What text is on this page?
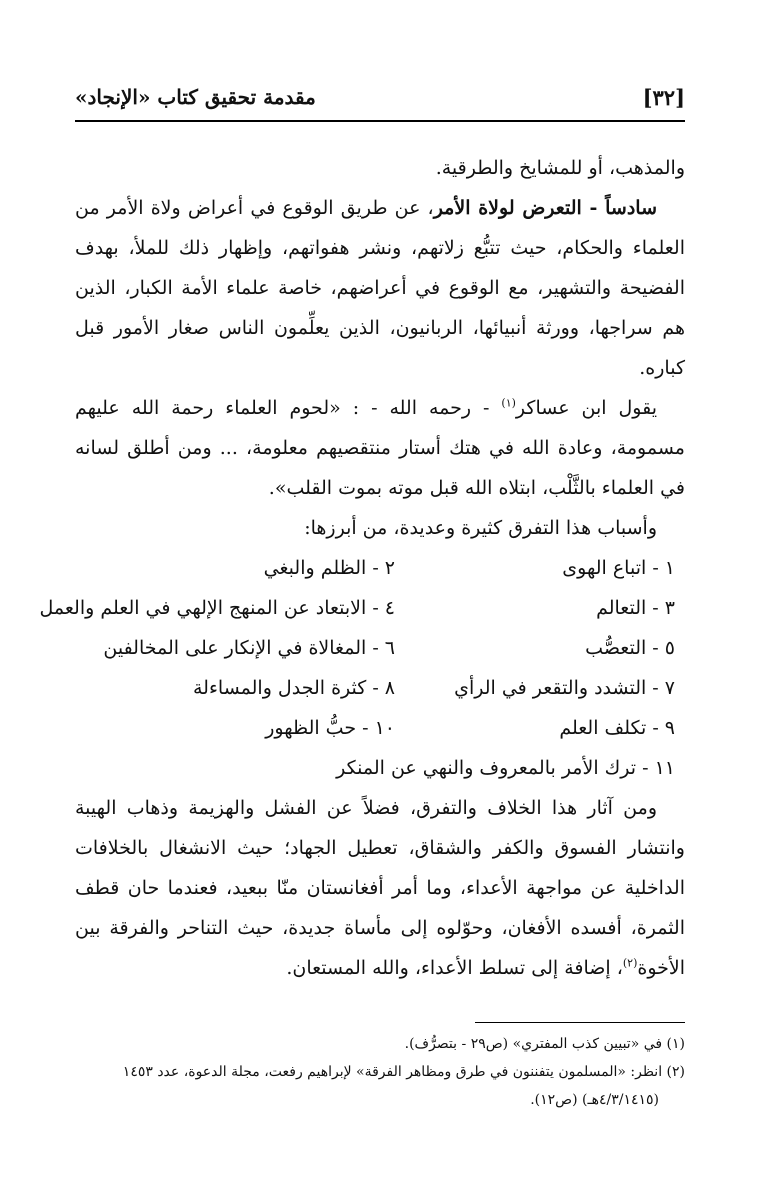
[٣٢]
مقدمة تحقيق كتاب «الإنجاد»

والمذهب، أو للمشايخ والطرقية.

سادساً - التعرض لولاة الأمر، عن طريق الوقوع في أعراض ولاة الأمر من العلماء والحكام، حيث تتبُّع زلاتهم، ونشر هفواتهم، وإظهار ذلك للملأ، بهدف الفضيحة والتشهير، مع الوقوع في أعراضهم، خاصة علماء الأمة الكبار، الذين هم سراجها، وورثة أنبيائها، الربانيون، الذين يعلِّمون الناس صغار الأمور قبل كباره.

يقول ابن عساكر$^{(١)}$ - رحمه الله - : «لحوم العلماء رحمة الله عليهم مسمومة، وعادة الله في هتك أستار منتقصيهم معلومة، ... ومن أطلق لسانه في العلماء بالثَّلْب، ابتلاه الله قبل موته بموت القلب».

وأسباب هذا التفرق كثيرة وعديدة، من أبرزها:

١ - اتباع الهوى
٢ - الظلم والبغي
٣ - التعالم
٤ - الابتعاد عن المنهج الإلهي في العلم والعمل
٥ - التعصُّب
٦ - المغالاة في الإنكار على المخالفين
٧ - التشدد والتقعر في الرأي
٨ - كثرة الجدل والمساءلة
٩ - تكلف العلم
١٠ - حبُّ الظهور

١١ - ترك الأمر بالمعروف والنهي عن المنكر

ومن آثار هذا الخلاف والتفرق، فضلاً عن الفشل والهزيمة وذهاب الهيبة وانتشار الفسوق والكفر والشقاق، تعطيل الجهاد؛ حيث الانشغال بالخلافات الداخلية عن مواجهة الأعداء، وما أمر أفغانستان منّا ببعيد، فعندما حان قطف الثمرة، أفسده الأفغان، وحوّلوه إلى مأساة جديدة، حيث التناحر والفرقة بين الأخوة$^{(٢)}$، إضافة إلى تسلط الأعداء، والله المستعان.

(١) في «تبيين كذب المفتري» (ص٢٩ - بتصرُّف).

(٢) انظر: «المسلمون يتفننون في طرق ومظاهر الفرقة» لإبراهيم رفعت، مجلة الدعوة، عدد ١٤٥٣

(٤/٣/١٤١٥هـ) (ص١٢).
